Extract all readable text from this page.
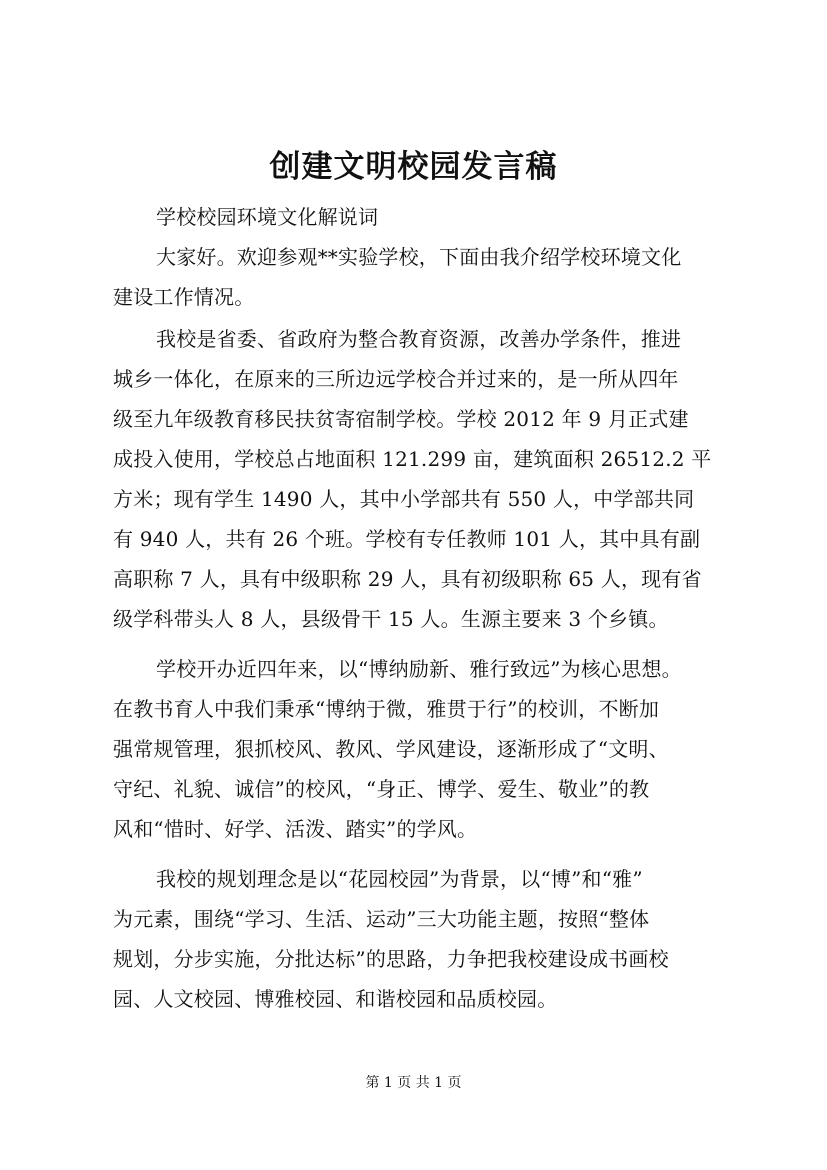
创建文明校园发言稿
学校校园环境文化解说词
大家好。欢迎参观**实验学校，下面由我介绍学校环境文化
建设工作情况。
我校是省委、省政府为整合教育资源，改善办学条件，推进
城乡一体化，在原来的三所边远学校合并过来的，是一所从四年
级至九年级教育移民扶贫寄宿制学校。学校 2012 年 9 月正式建
成投入使用，学校总占地面积 121.299 亩，建筑面积 26512.2 平
方米；现有学生 1490 人，其中小学部共有 550 人，中学部共同
有 940 人，共有 26 个班。学校有专任教师 101 人，其中具有副
高职称 7 人，具有中级职称 29 人，具有初级职称 65 人，现有省
级学科带头人 8 人，县级骨干 15 人。生源主要来 3 个乡镇。
学校开办近四年来，以“博纳励新、雅行致远”为核心思想。
在教书育人中我们秉承“博纳于微，雅贯于行”的校训，不断加
强常规管理，狠抓校风、教风、学风建设，逐渐形成了“文明、
守纪、礼貌、诚信”的校风，“身正、博学、爱生、敬业”的教
风和“惜时、好学、活泼、踏实”的学风。
我校的规划理念是以“花园校园”为背景，以“博”和“雅”
为元素，围绕“学习、生活、运动”三大功能主题，按照“整体
规划，分步实施，分批达标”的思路，力争把我校建设成书画校
园、人文校园、博雅校园、和谐校园和品质校园。
第 1 页 共 1 页
